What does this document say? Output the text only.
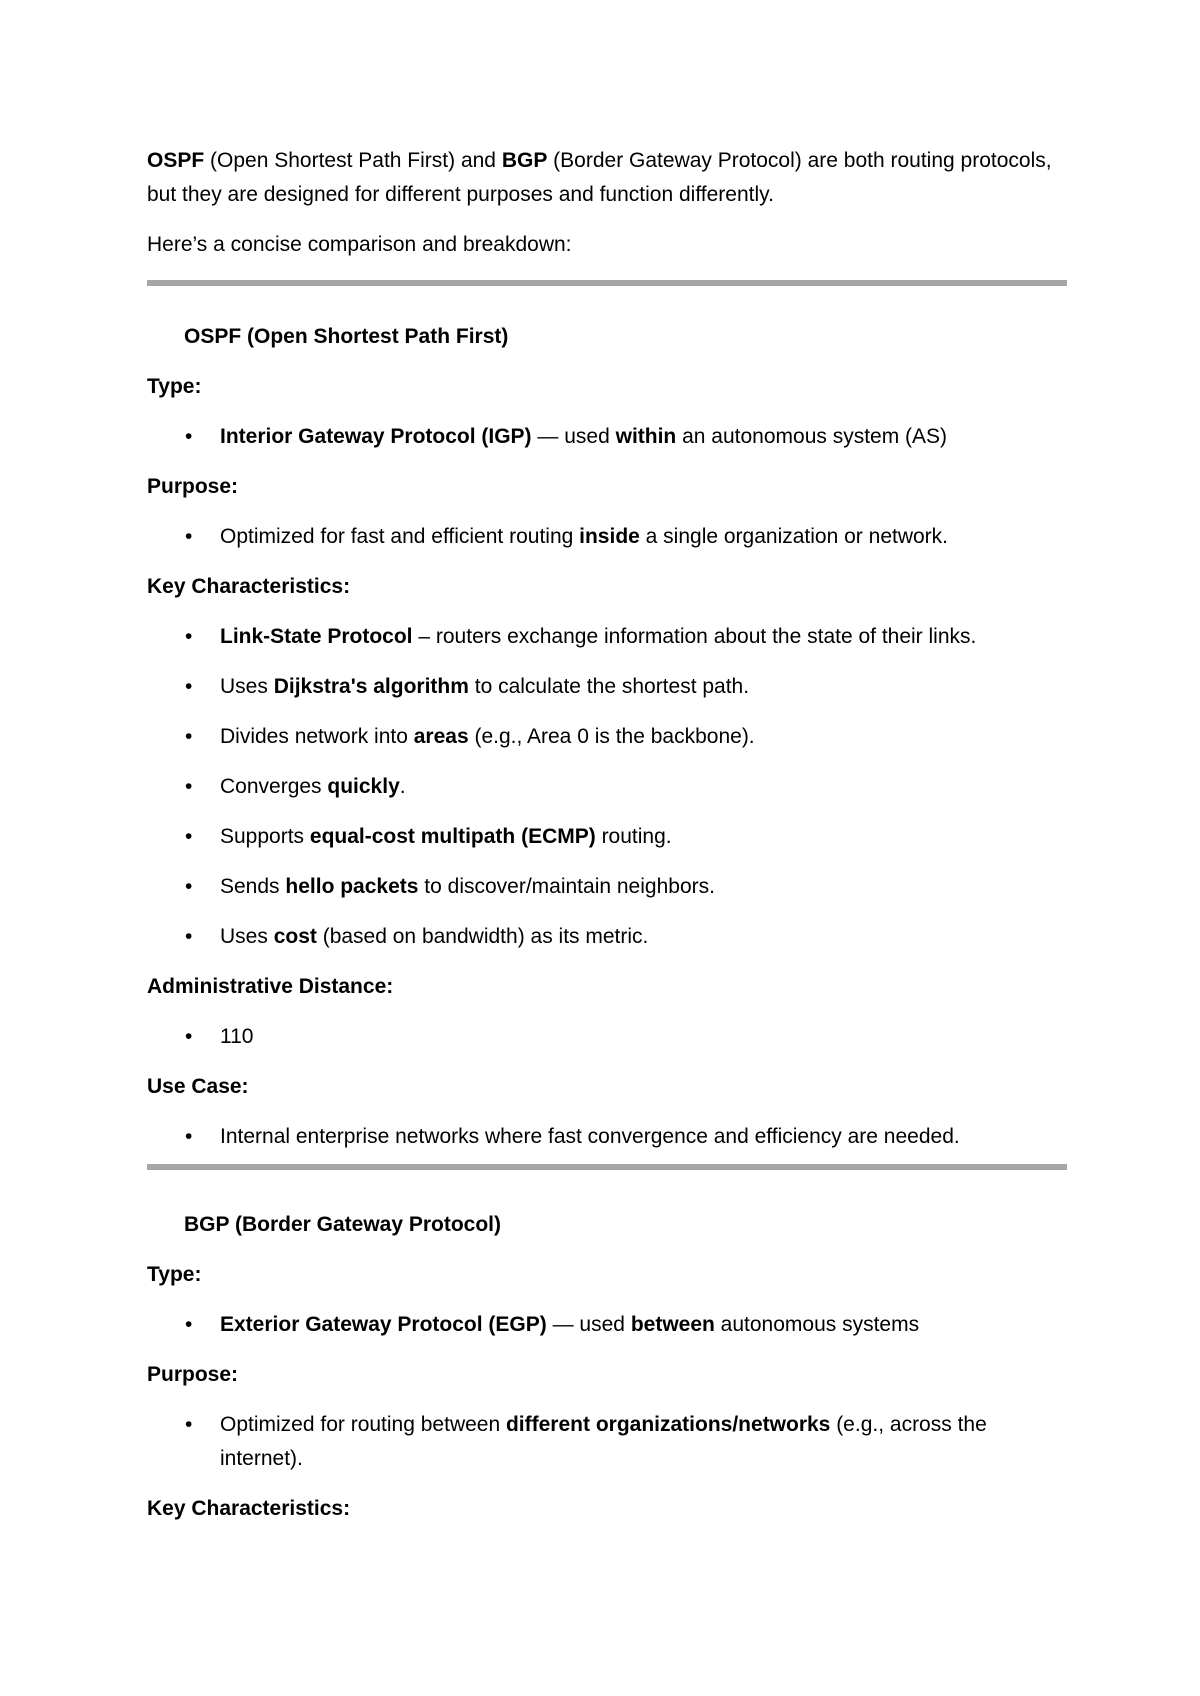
OSPF (Open Shortest Path First) and BGP (Border Gateway Protocol) are both routing protocols, but they are designed for different purposes and function differently.

Here’s a concise comparison and breakdown:

OSPF (Open Shortest Path First)

Type:

• Interior Gateway Protocol (IGP) — used within an autonomous system (AS)

Purpose:

• Optimized for fast and efficient routing inside a single organization or network.

Key Characteristics:

• Link-State Protocol – routers exchange information about the state of their links.
• Uses Dijkstra's algorithm to calculate the shortest path.
• Divides network into areas (e.g., Area 0 is the backbone).
• Converges quickly.
• Supports equal-cost multipath (ECMP) routing.
• Sends hello packets to discover/maintain neighbors.
• Uses cost (based on bandwidth) as its metric.

Administrative Distance:

• 110

Use Case:

• Internal enterprise networks where fast convergence and efficiency are needed.

BGP (Border Gateway Protocol)

Type:

• Exterior Gateway Protocol (EGP) — used between autonomous systems

Purpose:

• Optimized for routing between different organizations/networks (e.g., across the internet).

Key Characteristics:
